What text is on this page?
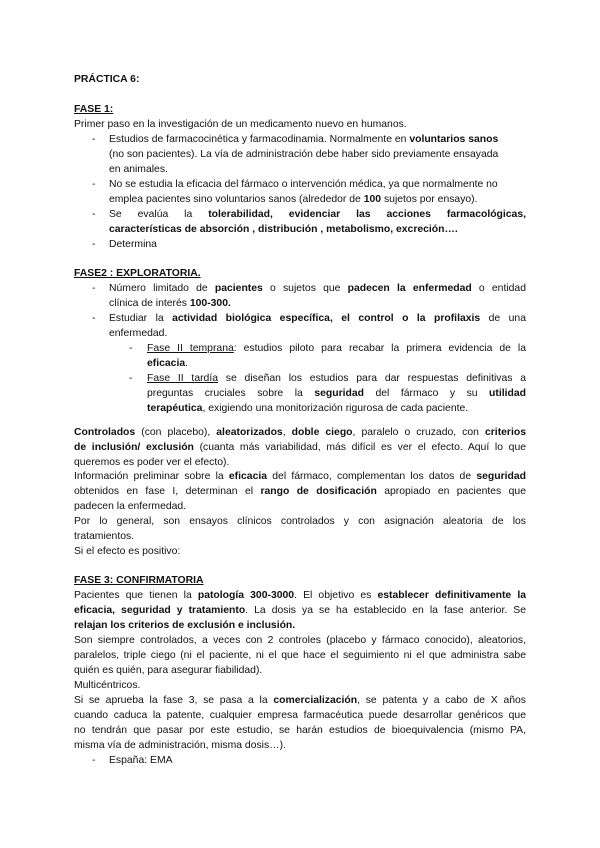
PRÁCTICA 6:
FASE 1:
Primer paso en la investigación de un medicamento nuevo en humanos.
- Estudios de farmacocinética y farmacodinamia. Normalmente en voluntarios sanos
(no son pacientes). La vía de administración debe haber sido previamente ensayada
en animales.
- No se estudia la eficacia del fármaco o intervención médica, ya que normalmente no
emplea pacientes sino voluntarios sanos (alrededor de 100 sujetos por ensayo).
- Se evalúa la tolerabilidad, evidenciar las acciones farmacológicas,
características de absorción , distribución , metabolismo, excreción….
- Determina
FASE2 : EXPLORATORIA.
- Número limitado de pacientes o sujetos que padecen la enfermedad o entidad
clínica de interés 100-300.
- Estudiar la actividad biológica específica, el control o la profilaxis de una
enfermedad.
- Fase II temprana: estudios piloto para recabar la primera evidencia de la
eficacia.
- Fase II tardía se diseñan los estudios para dar respuestas definitivas a
preguntas cruciales sobre la seguridad del fármaco y su utilidad
terapéutica, exigiendo una monitorización rigurosa de cada paciente.
Controlados (con placebo), aleatorizados, doble ciego, paralelo o cruzado, con criterios
de inclusión/ exclusión (cuanta más variabilidad, más difícil es ver el efecto. Aquí lo que
queremos es poder ver el efecto).
Información preliminar sobre la eficacia del fármaco, complementan los datos de seguridad
obtenidos en fase I, determinan el rango de dosificación apropiado en pacientes que
padecen la enfermedad.
Por lo general, son ensayos clínicos controlados y con asignación aleatoria de los
tratamientos.
Si el efecto es positivo:
FASE 3: CONFIRMATORIA
Pacientes que tienen la patología 300-3000. El objetivo es establecer definitivamente la
eficacia, seguridad y tratamiento. La dosis ya se ha establecido en la fase anterior. Se
relajan los criterios de exclusión e inclusión.
Son siempre controlados, a veces con 2 controles (placebo y fármaco conocido), aleatorios,
paralelos, triple ciego (ni el paciente, ni el que hace el seguimiento ni el que administra sabe
quién es quién, para asegurar fiabilidad).
Multicéntricos.
Si se aprueba la fase 3, se pasa a la comercialización, se patenta y a cabo de X años
cuando caduca la patente, cualquier empresa farmacéutica puede desarrollar genéricos que
no tendrán que pasar por este estudio, se harán estudios de bioequivalencia (mismo PA,
misma vía de administración, misma dosis…).
- España: EMA
